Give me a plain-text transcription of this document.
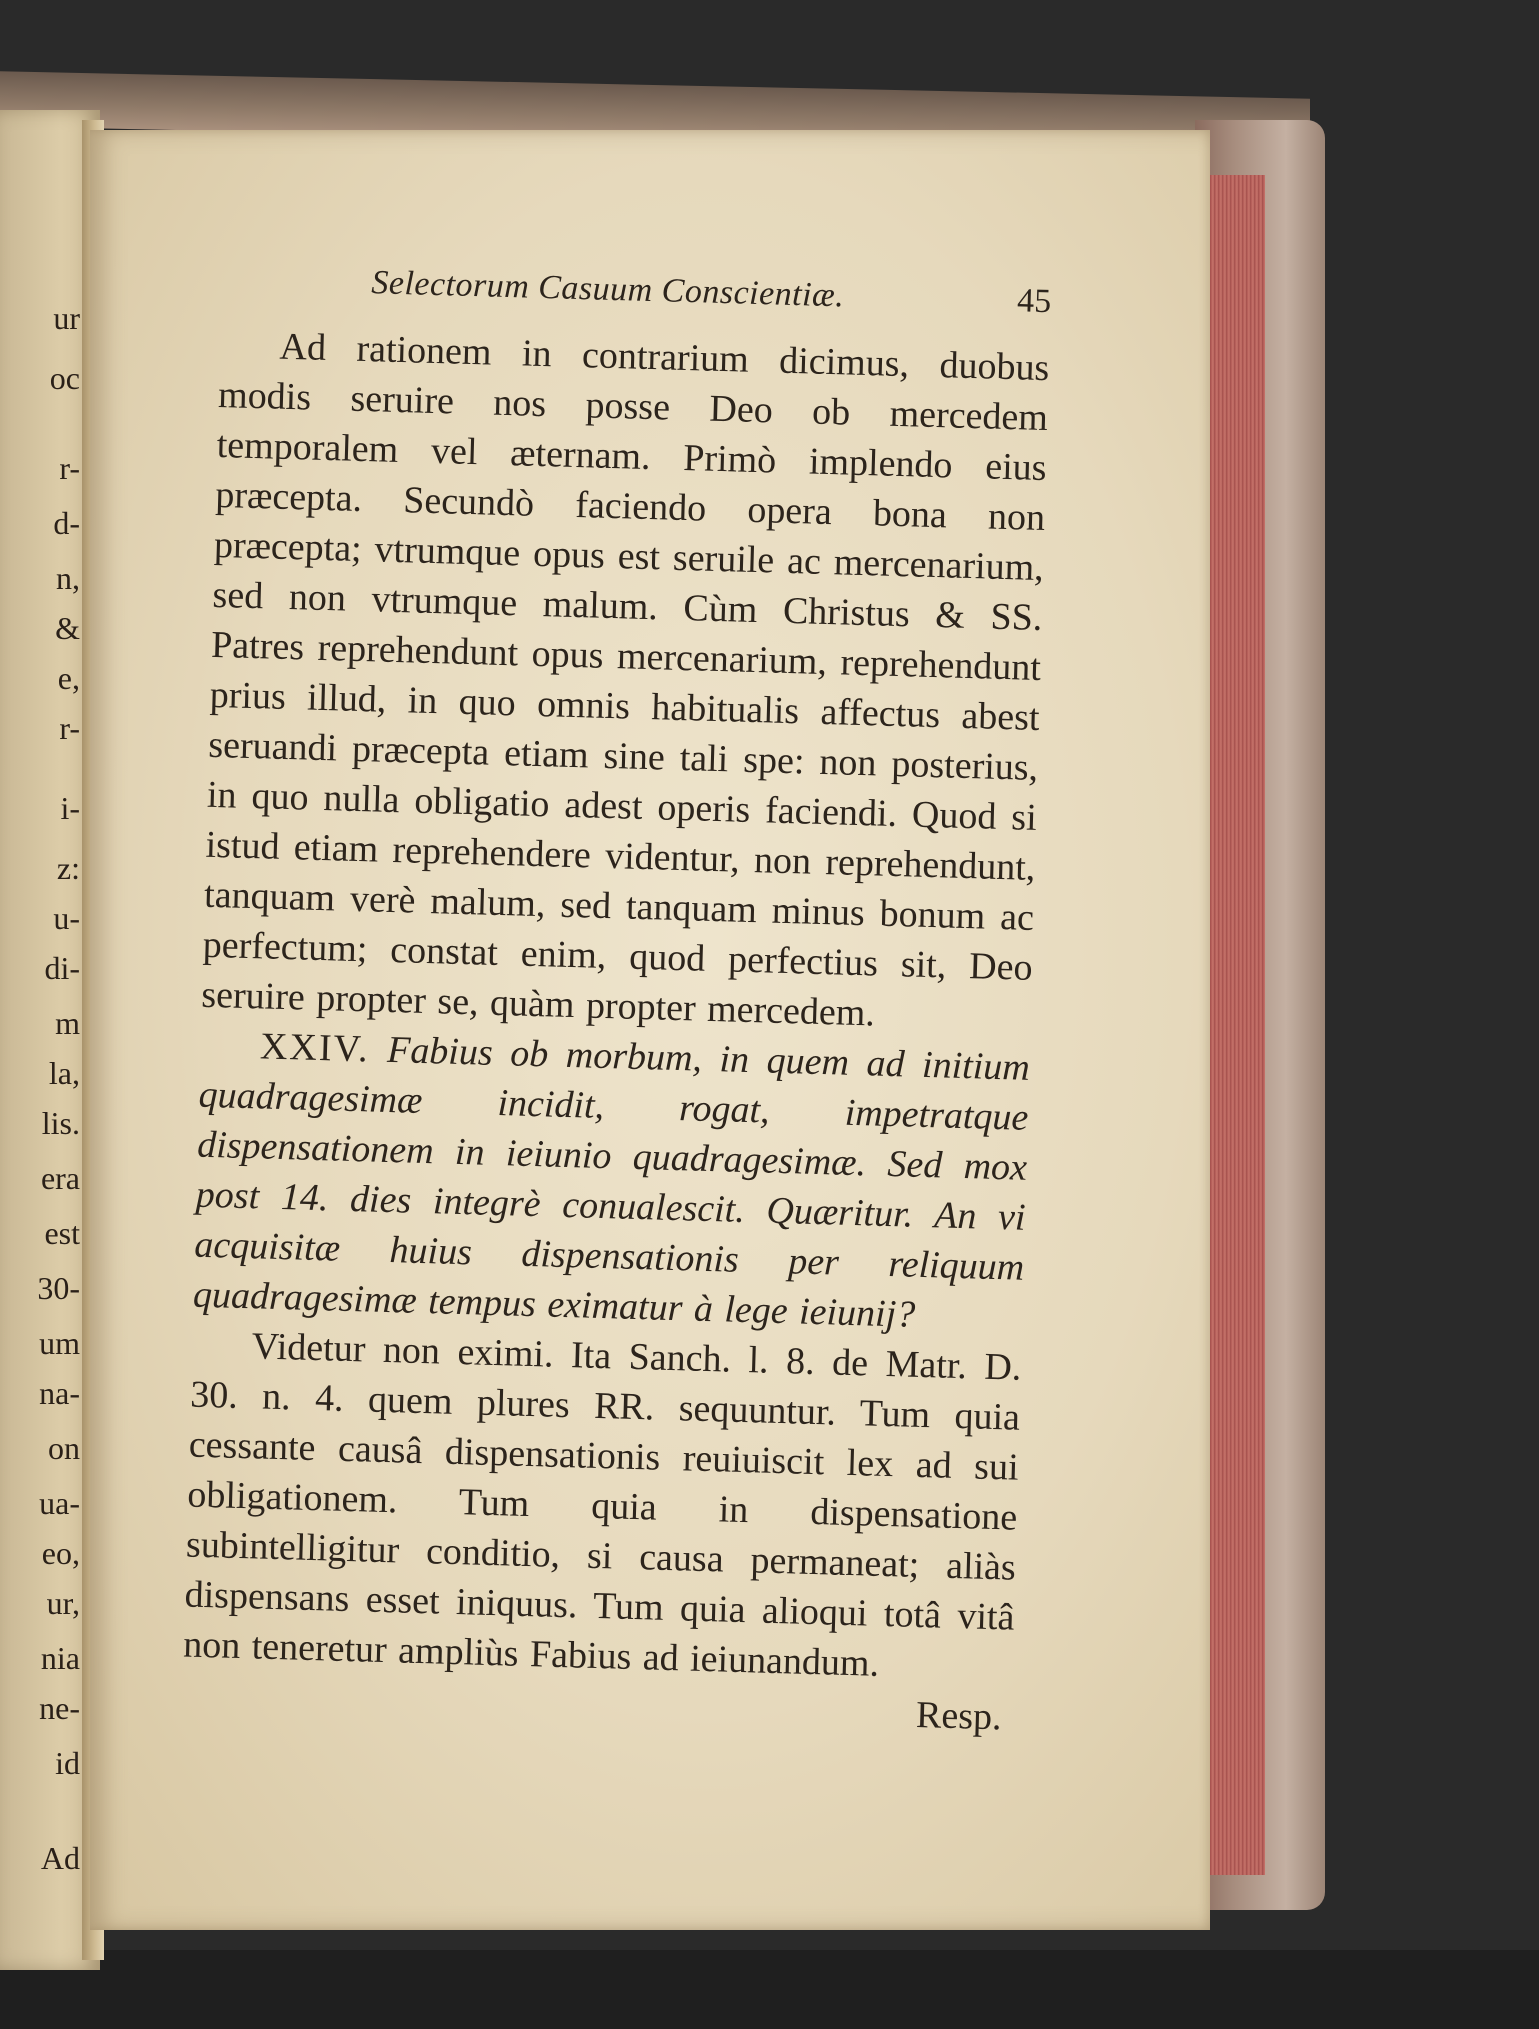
ur
oc
r-
d-
n,
&
e,
r-
i-
z:
u-
di-
m
la,
lis.
era
est
30-
um
na-
on
ua-
eo,
ur,
nia
ne-
id
Ad
Selectorum Casuum Conscientiæ.	45

Ad rationem in contrarium dicimus, duobus modis seruire nos posse Deo ob mercedem temporalem vel æternam. Primò implendo eius præcepta. Secundò faciendo opera bona non præcepta; vtrumque opus est seruile ac mercenarium, sed non vtrumque malum. Cùm Christus & SS. Patres reprehendunt opus mercenarium, reprehendunt prius illud, in quo omnis habitualis affectus abest seruandi præcepta etiam sine tali spe: non posterius, in quo nulla obligatio adest operis faciendi. Quod si istud etiam reprehendere videntur, non reprehendunt, tanquam verè malum, sed tanquam minus bonum ac perfectum; constat enim, quod perfectius sit, Deo seruire propter se, quàm propter mercedem.

XXIV. Fabius ob morbum, in quem ad initium quadragesimæ incidit, rogat, impetratque dispensationem in ieiunio quadragesimæ. Sed mox post 14. dies integrè conualescit. Quæritur. An vi acquisitæ huius dispensationis per reliquum quadragesimæ tempus eximatur à lege ieiunij?

Videtur non eximi. Ita Sanch. l. 8. de Matr. D. 30. n. 4. quem plures RR. sequuntur. Tum quia cessante causâ dispensationis reuiuiscit lex ad sui obligationem. Tum quia in dispensatione subintelligitur conditio, si causa permaneat; aliàs dispensans esset iniquus. Tum quia alioqui totâ vitâ non teneretur ampliùs Fabius ad ieiunandum.

Resp.
